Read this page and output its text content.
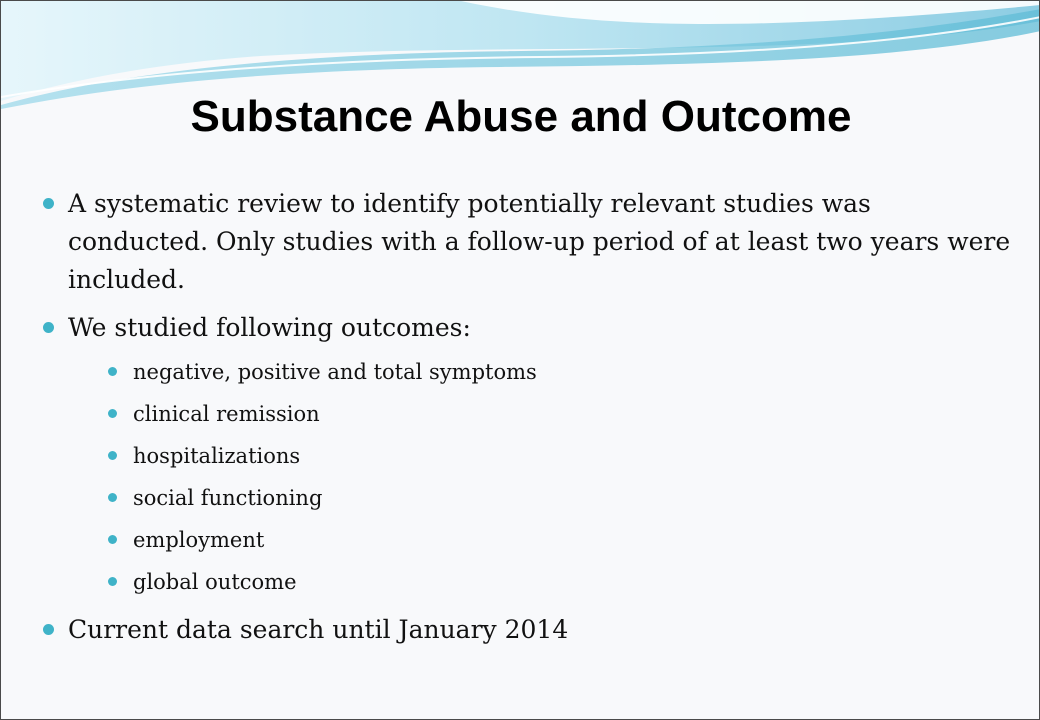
Substance Abuse and Outcome
A systematic review to identify potentially relevant studies was conducted. Only studies with a follow-up period of at least two years were included.
We studied following outcomes:
negative, positive and total symptoms
clinical remission
hospitalizations
social functioning
employment
global outcome
Current data search until January 2014
